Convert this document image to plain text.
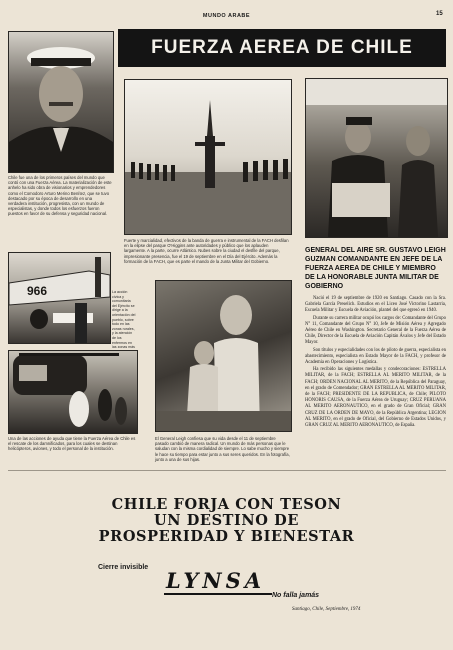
MUNDO ARABE	15
FUERZA AEREA DE CHILE
Chile fue una de los primeros países del mundo que contó con una Fuerza Aérea. La materialización de este anhelo ha sido obra de visionarios y emprendedores como el Comodoro Arturo Merino Benítez, que se tuvo destacado por su época de desarrollo en una verdadera institución, progresista, con un mundo de especialistas, y donde todos los esfuerzos fueron puestos en favor de su defensa y seguridad nacional.
Fuerte y marcialidad, efectivos de la banda de guerra e instrumental de la FACH desfilan en la elipse del parque O'Higgins ante autoridades y público que los aplauden largamente. A la parte, ocurre Atlántico. Nubes sobre la ciudad el desfile del parque, impresionante presencia, fue el 19 de septiembre en el Día del Ejército. Además la formación de la FACH, que es parte el mando de la Junta Militar del Gobierno.
GENERAL DEL AIRE SR. GUSTAVO LEIGH GUZMAN COMANDANTE EN JEFE DE LA FUERZA AEREA DE CHILE Y MIEMBRO DE LA HONORABLE JUNTA MILITAR DE GOBIERNO

Nació el 19 de septiembre de 1920 en Santiago. Casado con la Sra. Gabriela García Preselich. Estudios en el Liceo José Victorino Lastarria, Escuela Militar y Escuela de Aviación, plantel del que egresó en 1940.

Durante su carrera militar ocupó los cargos de: Comandante del Grupo N° 11, Comandante del Grupo N° 10, Jefe de Misión Aérea y Agregado Aéreo de Chile en Washington. Secretario General de la Fuerza Aérea de Chile, Director de la Escuela de Aviación Capitán Ávalos y Jefe del Estado Mayor.

Son títulos y especialidades con los de piloto de guerra, especialista en abastecimiento, especialista en Estado Mayor de la FACH, y profesor de Academia en Operaciones y Logística.

Ha recibido las siguientes medallas y condecoraciones: ESTRELLA MILITAR, de la FACH; ESTRELLA AL MERITO MILITAR, de la FACH; ORDEN NACIONAL AL MERITO, de la República del Paraguay, en el grado de Comendador; GRAN ESTRELLA AL MERITO MILITAR, de la FACH; PRESIDENTE DE LA REPUBLICA, de Chile; PILOTO HONORIS CAUSA, de la Fuerza Aérea de Uruguay; CRUZ PERUANA AL MERITO AERONAUTICO, en el grado de Gran Oficial; GRAN CRUZ DE LA ORDEN DE MAYO, de la República Argentina; LEGION AL MERITO, en el grado de Oficial, del Gobierno de Estados Unidos, y GRAN CRUZ AL MERITO AERONAUTICO, de España.

966	La acción cívica y comunitaria del Ejército se dirige a la orientación del pueblo, sobre todo en las zonas rurales, y la atención de los enfermos en las zonas más
Una de las acciones de ayuda que tiene la Fuerza Aérea de Chile es el rescate de los damnificados, para los cuales se destinan helicópteros, aviones, y todo el personal de la institución.
El General Leigh confiesa que su vida desde el 11 de septiembre pasado cambió de manera radical. Un mundo de más personas que le saludan con la misma cordialidad de siempre. Lo sabe mucho y siempre le hace su tiempo para estar junto a sus seres queridos. En la fotografía, junto a una de sus hijas.
CHILE FORJA CON TESON
UN DESTINO DE
PROSPERIDAD Y BIENESTAR
Cierre invisible
LYNSA
No falla jamás
Santiago, Chile, Septiembre, 1974
